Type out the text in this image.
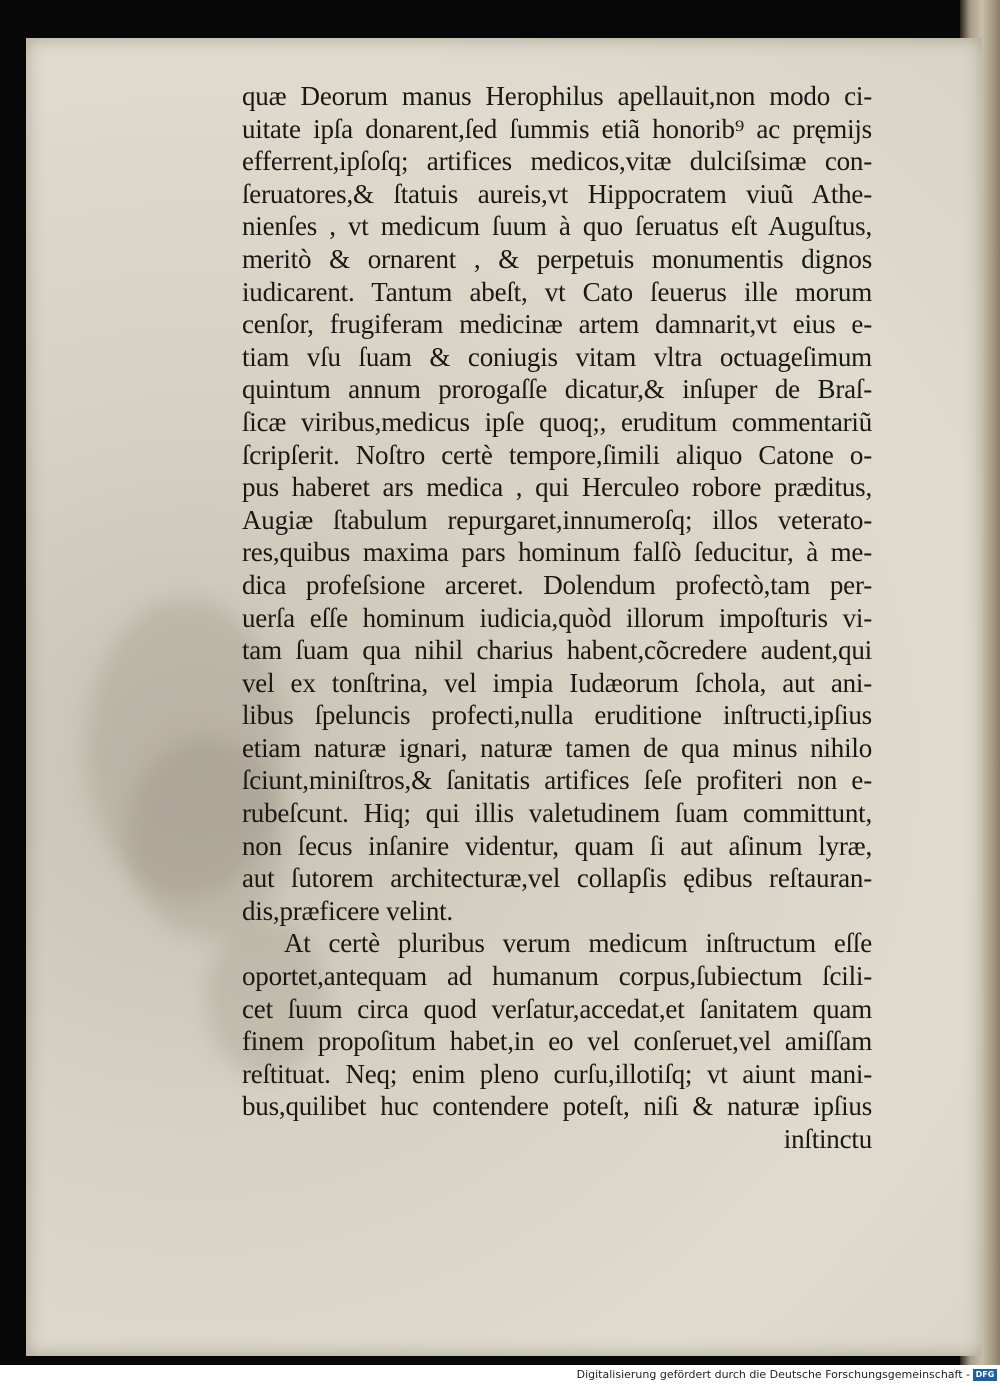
quæ Deorum manus Herophilus apellauit,non modo ci-
uitate ipſa donarent,ſed ſummis etiã honorib⁹ ac pręmijs
efferrent,ipſoſq; artifices medicos,vitæ dulciſsimæ con-
ſeruatores,& ſtatuis aureis,vt Hippocratem viuũ Athe-
nienſes , vt medicum ſuum à quo ſeruatus eſt Auguſtus,
meritò & ornarent , & perpetuis monumentis dignos
iudicarent. Tantum abeſt, vt Cato ſeuerus ille morum
cenſor, frugiferam medicinæ artem damnarit,vt eius e-
tiam vſu ſuam & coniugis vitam vltra octuageſimum
quintum annum prorogaſſe dicatur,& inſuper de Braſ-
ſicæ viribus,medicus ipſe quoq;, eruditum commentariũ
ſcripſerit. Noſtro certè tempore,ſimili aliquo Catone o-
pus haberet ars medica , qui Herculeo robore præditus,
Augiæ ſtabulum repurgaret,innumeroſq; illos veterato-
res,quibus maxima pars hominum falſò ſeducitur, à me-
dica profeſsione arceret. Dolendum profectò,tam per-
uerſa eſſe hominum iudicia,quòd illorum impoſturis vi-
tam ſuam qua nihil charius habent,cõcredere audent,qui
vel ex tonſtrina, vel impia Iudæorum ſchola, aut ani-
libus ſpeluncis profecti,nulla eruditione inſtructi,ipſius
etiam naturæ ignari, naturæ tamen de qua minus nihilo
ſciunt,miniſtros,& ſanitatis artifices ſeſe profiteri non e-
rubeſcunt. Hiq; qui illis valetudinem ſuam committunt,
non ſecus inſanire videntur, quam ſi aut aſinum lyræ,
aut ſutorem architecturæ,vel collapſis ędibus reſtauran-
dis,præficere velint.
At certè pluribus verum medicum inſtructum eſſe
oportet,antequam ad humanum corpus,ſubiectum ſcili-
cet ſuum circa quod verſatur,accedat,et ſanitatem quam
finem propoſitum habet,in eo vel conſeruet,vel amiſſam
reſtituat. Neq; enim pleno curſu,illotiſq; vt aiunt mani-
bus,quilibet huc contendere poteſt, niſi & naturæ ipſius
inſtinctu
Digitalisierung gefördert durch die Deutsche Forschungsgemeinschaft - DFG
